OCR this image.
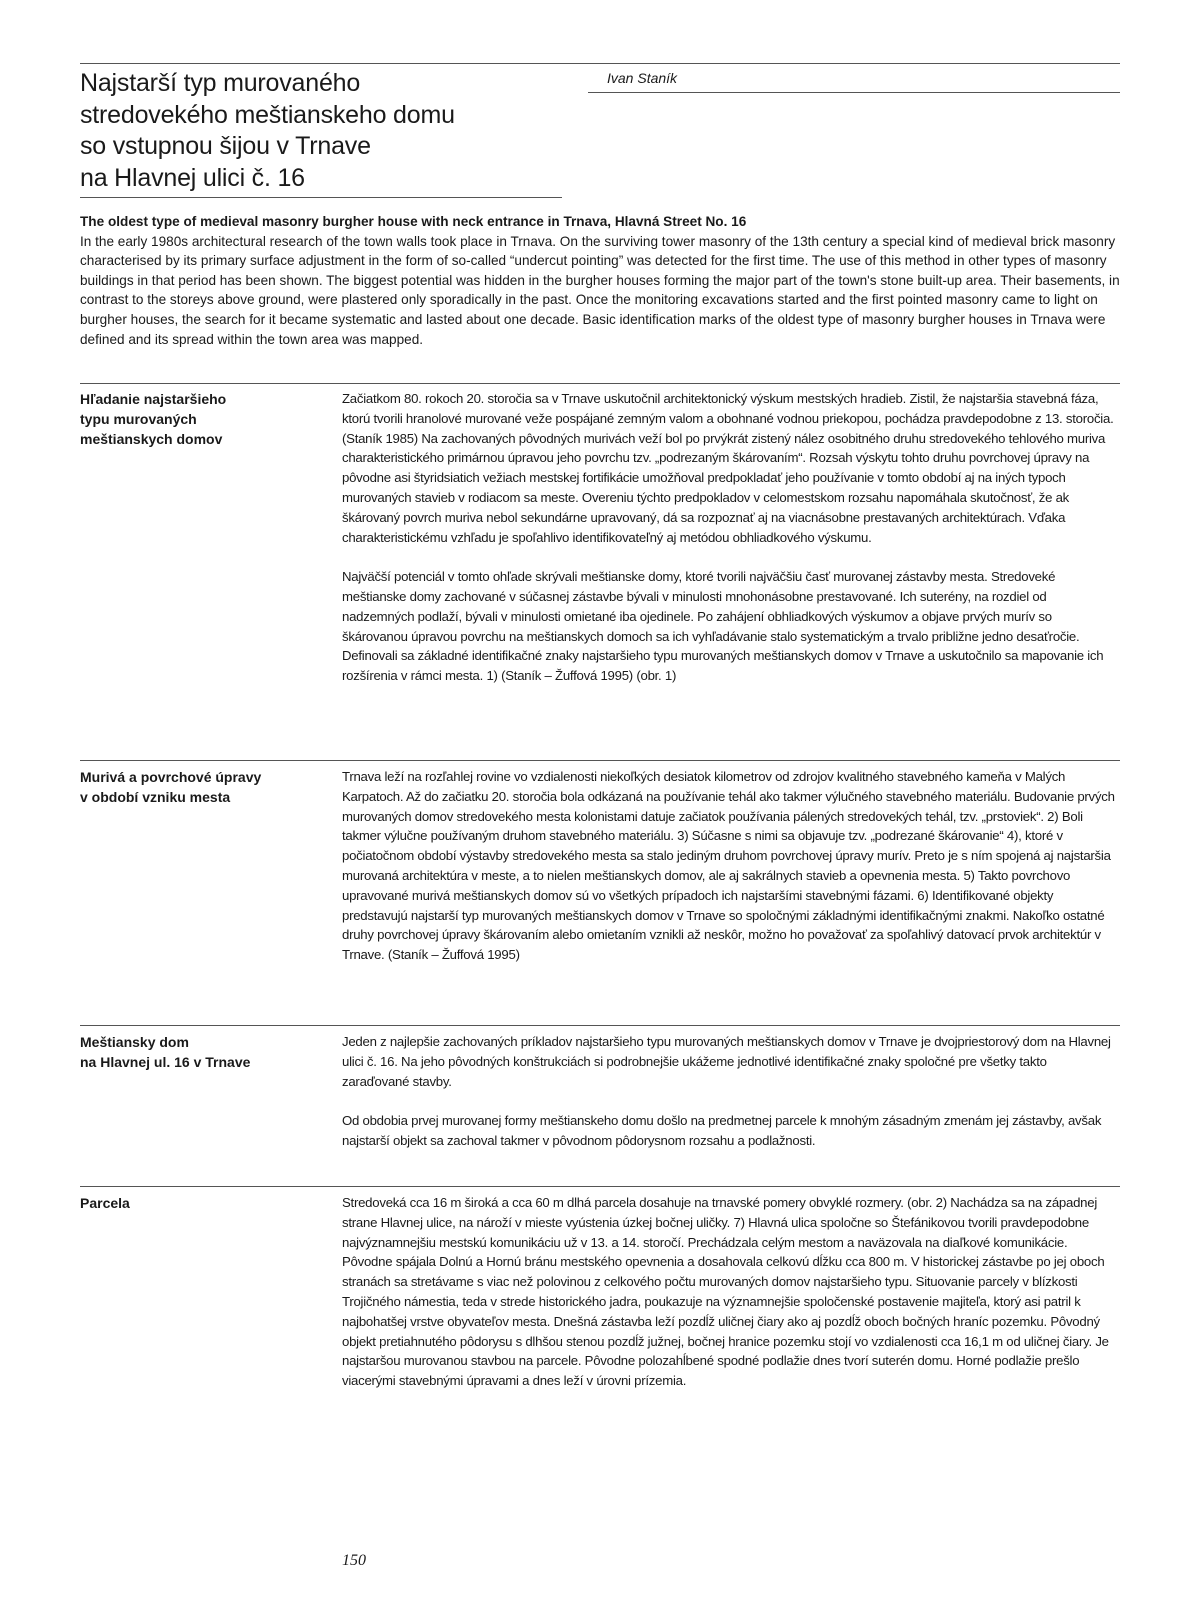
Najstarší typ murovaného
stredovekého meštianskeho domu
so vstupnou šijou v Trnave
na Hlavnej ulici č. 16
Ivan Staník
The oldest type of medieval masonry burgher house with neck entrance in Trnava, Hlavná Street No. 16
In the early 1980s architectural research of the town walls took place in Trnava. On the surviving tower masonry of the 13th century a special kind of medieval brick masonry characterised by its primary surface adjustment in the form of so-called “undercut pointing” was detected for the first time. The use of this method in other types of masonry buildings in that period has been shown. The biggest potential was hidden in the burgher houses forming the major part of the town's stone built-up area. Their basements, in contrast to the storeys above ground, were plastered only sporadically in the past. Once the monitoring excavations started and the first pointed masonry came to light on burgher houses, the search for it became systematic and lasted about one decade. Basic identification marks of the oldest type of masonry burgher houses in Trnava were defined and its spread within the town area was mapped.
Hľadanie najstaršieho
typu murovaných
meštianskych domov

Začiatkom 80. rokoch 20. storočia sa v Trnave uskutočnil architektonický výskum mestských hradieb. Zistil, že najstaršia stavebná fáza, ktorú tvorili hranolové murované veže pospájané zemným valom a obohnané vodnou priekopou, pochádza pravdepodobne z 13. storočia. (Staník 1985) Na zachovaných pôvodných murivách veží bol po prvýkrát zistený nález osobitného druhu stredovekého tehlového muriva charakteristického primárnou úpravou jeho povrchu tzv. „podrezaným škárovaním“. Rozsah výskytu tohto druhu povrchovej úpravy na pôvodne asi štyridsiatich vežiach mestskej fortifikácie umožňoval predpokladať jeho používanie v tomto období aj na iných typoch murovaných stavieb v rodiacom sa meste. Overeniu týchto predpokladov v celomestskom rozsahu napomáhala skutočnosť, že ak škárovaný povrch muriva nebol sekundárne upravovaný, dá sa rozpoznať aj na viacnásobne prestavaných architektúrach. Vďaka charakteristickému vzhľadu je spoľahlivo identifikovateľný aj metódou obhliadkového výskumu.

Najväčší potenciál v tomto ohľade skrývali meštianske domy, ktoré tvorili najväčšiu časť murovanej zástavby mesta. Stredoveké meštianske domy zachované v súčasnej zástavbe bývali v minulosti mnohonásobne prestavované. Ich suterény, na rozdiel od nadzemných podlaží, bývali v minulosti omietané iba ojedinele. Po zahájení obhliadkových výskumov a objave prvých murív so škárovanou úpravou povrchu na meštianskych domoch sa ich vyhľadávanie stalo systematickým a trvalo približne jedno desaťročie. Definovali sa základné identifikačné znaky najstaršieho typu murovaných meštianskych domov v Trnave a uskutočnilo sa mapovanie ich rozšírenia v rámci mesta. 1) (Staník – Žuffová 1995) (obr. 1)

Murivá a povrchové úpravy
v období vzniku mesta

Trnava leží na rozľahlej rovine vo vzdialenosti niekoľkých desiatok kilometrov od zdrojov kvalitného stavebného kameňa v Malých Karpatoch. Až do začiatku 20. storočia bola odkázaná na používanie tehál ako takmer výlučného stavebného materiálu. Budovanie prvých murovaných domov stredovekého mesta kolonistami datuje začiatok používania pálených stredovekých tehál, tzv. „prstoviek“. 2) Boli takmer výlučne používaným druhom stavebného materiálu. 3) Súčasne s nimi sa objavuje tzv. „podrezané škárovanie“ 4), ktoré v počiatočnom období výstavby stredovekého mesta sa stalo jediným druhom povrchovej úpravy murív. Preto je s ním spojená aj najstaršia murovaná architektúra v meste, a to nielen meštianskych domov, ale aj sakrálnych stavieb a opevnenia mesta. 5) Takto povrchovo upravované murivá meštianskych domov sú vo všetkých prípadoch ich najstaršími stavebnými fázami. 6) Identifikované objekty predstavujú najstarší typ murovaných meštianskych domov v Trnave so spoločnými základnými identifikačnými znakmi. Nakoľko ostatné druhy povrchovej úpravy škárovaním alebo omietaním vznikli až neskôr, možno ho považovať za spoľahlivý datovací prvok architektúr v Trnave. (Staník – Žuffová 1995)

Meštiansky dom
na Hlavnej ul. 16 v Trnave

Jeden z najlepšie zachovaných príkladov najstaršieho typu murovaných meštianskych domov v Trnave je dvojpriestorový dom na Hlavnej ulici č. 16. Na jeho pôvodných konštrukciách si podrobnejšie ukážeme jednotlivé identifikačné znaky spoločné pre všetky takto zaraďované stavby.

Od obdobia prvej murovanej formy meštianskeho domu došlo na predmetnej parcele k mnohým zásadným zmenám jej zástavby, avšak najstarší objekt sa zachoval takmer v pôvodnom pôdorysnom rozsahu a podlažnosti.

Parcela	Stredoveká cca 16 m široká a cca 60 m dlhá parcela dosahuje na trnavské pomery obvyklé rozmery. (obr. 2) Nachádza sa na západnej strane Hlavnej ulice, na nároží v mieste vyústenia úzkej bočnej uličky. 7) Hlavná ulica spoločne so Štefánikovou tvorili pravdepodobne najvýznamnejšiu mestskú komunikáciu už v 13. a 14. storočí. Prechádzala celým mestom a naväzovala na diaľkové komunikácie. Pôvodne spájala Dolnú a Hornú bránu mestského opevnenia a dosahovala celkovú dĺžku cca 800 m. V historickej zástavbe po jej oboch stranách sa stretávame s viac než polovinou z celkového počtu murovaných domov najstaršieho typu. Situovanie parcely v blízkosti Trojičného námestia, teda v strede historického jadra, poukazuje na významnejšie spoločenské postavenie majiteľa, ktorý asi patril k najbohatšej vrstve obyvateľov mesta. Dnešná zástavba leží pozdĺž uličnej čiary ako aj pozdĺž oboch bočných hraníc pozemku. Pôvodný objekt pretiahnutého pôdorysu s dlhšou stenou pozdĺž južnej, bočnej hranice pozemku stojí vo vzdialenosti cca 16,1 m od uličnej čiary. Je najstaršou murovanou stavbou na parcele. Pôvodne polozahĺbené spodné podlažie dnes tvorí suterén domu. Horné podlažie prešlo viacerými stavebnými úpravami a dnes leží v úrovni prízemia.

150
